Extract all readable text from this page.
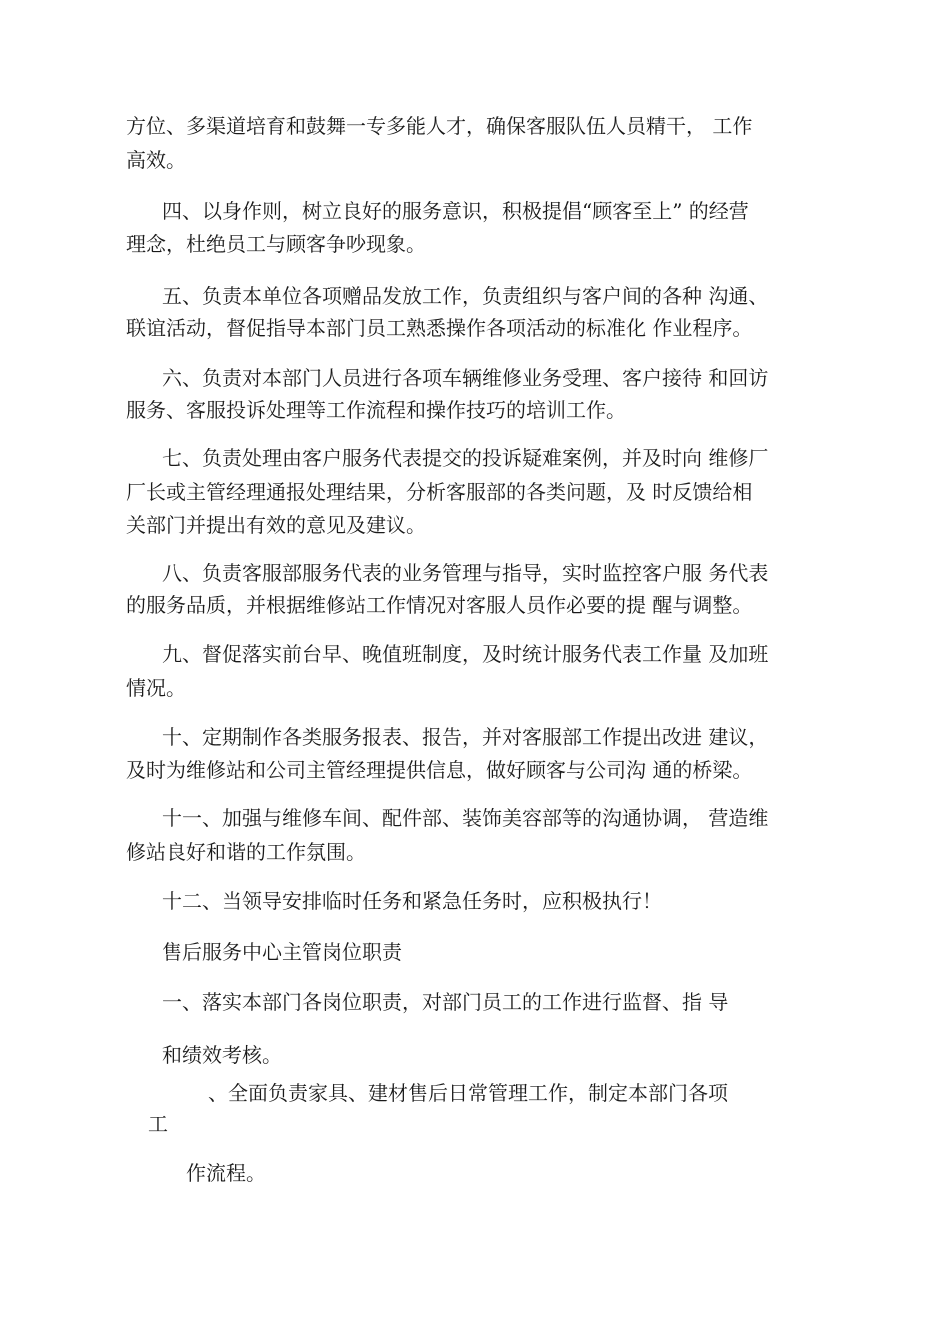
方位、多渠道培育和鼓舞一专多能人才，确保客服队伍人员精干， 工作

高效。

四、以身作则，树立良好的服务意识，积极提倡“顾客至上” 的经营

理念，杜绝员工与顾客争吵现象。

五、负责本单位各项赠品发放工作，负责组织与客户间的各种 沟通、

联谊活动，督促指导本部门员工熟悉操作各项活动的标准化 作业程序。

六、负责对本部门人员进行各项车辆维修业务受理、客户接待 和回访

服务、客服投诉处理等工作流程和操作技巧的培训工作。

七、负责处理由客户服务代表提交的投诉疑难案例，并及时向 维修厂

厂长或主管经理通报处理结果，分析客服部的各类问题，及 时反馈给相

关部门并提出有效的意见及建议。

八、负责客服部服务代表的业务管理与指导，实时监控客户服 务代表

的服务品质，并根据维修站工作情况对客服人员作必要的提 醒与调整。

九、督促落实前台早、晚值班制度，及时统计服务代表工作量 及加班

情况。

十、定期制作各类服务报表、报告，并对客服部工作提出改进 建议，

及时为维修站和公司主管经理提供信息，做好顾客与公司沟 通的桥梁。

十一、加强与维修车间、配件部、装饰美容部等的沟通协调， 营造维

修站良好和谐的工作氛围。

十二、当领导安排临时任务和紧急任务时，应积极执行！

售后服务中心主管岗位职责

一、落实本部门各岗位职责，对部门员工的工作进行监督、指 导

和绩效考核。

、全面负责家具、建材售后日常管理工作，制定本部门各项

工

作流程。
